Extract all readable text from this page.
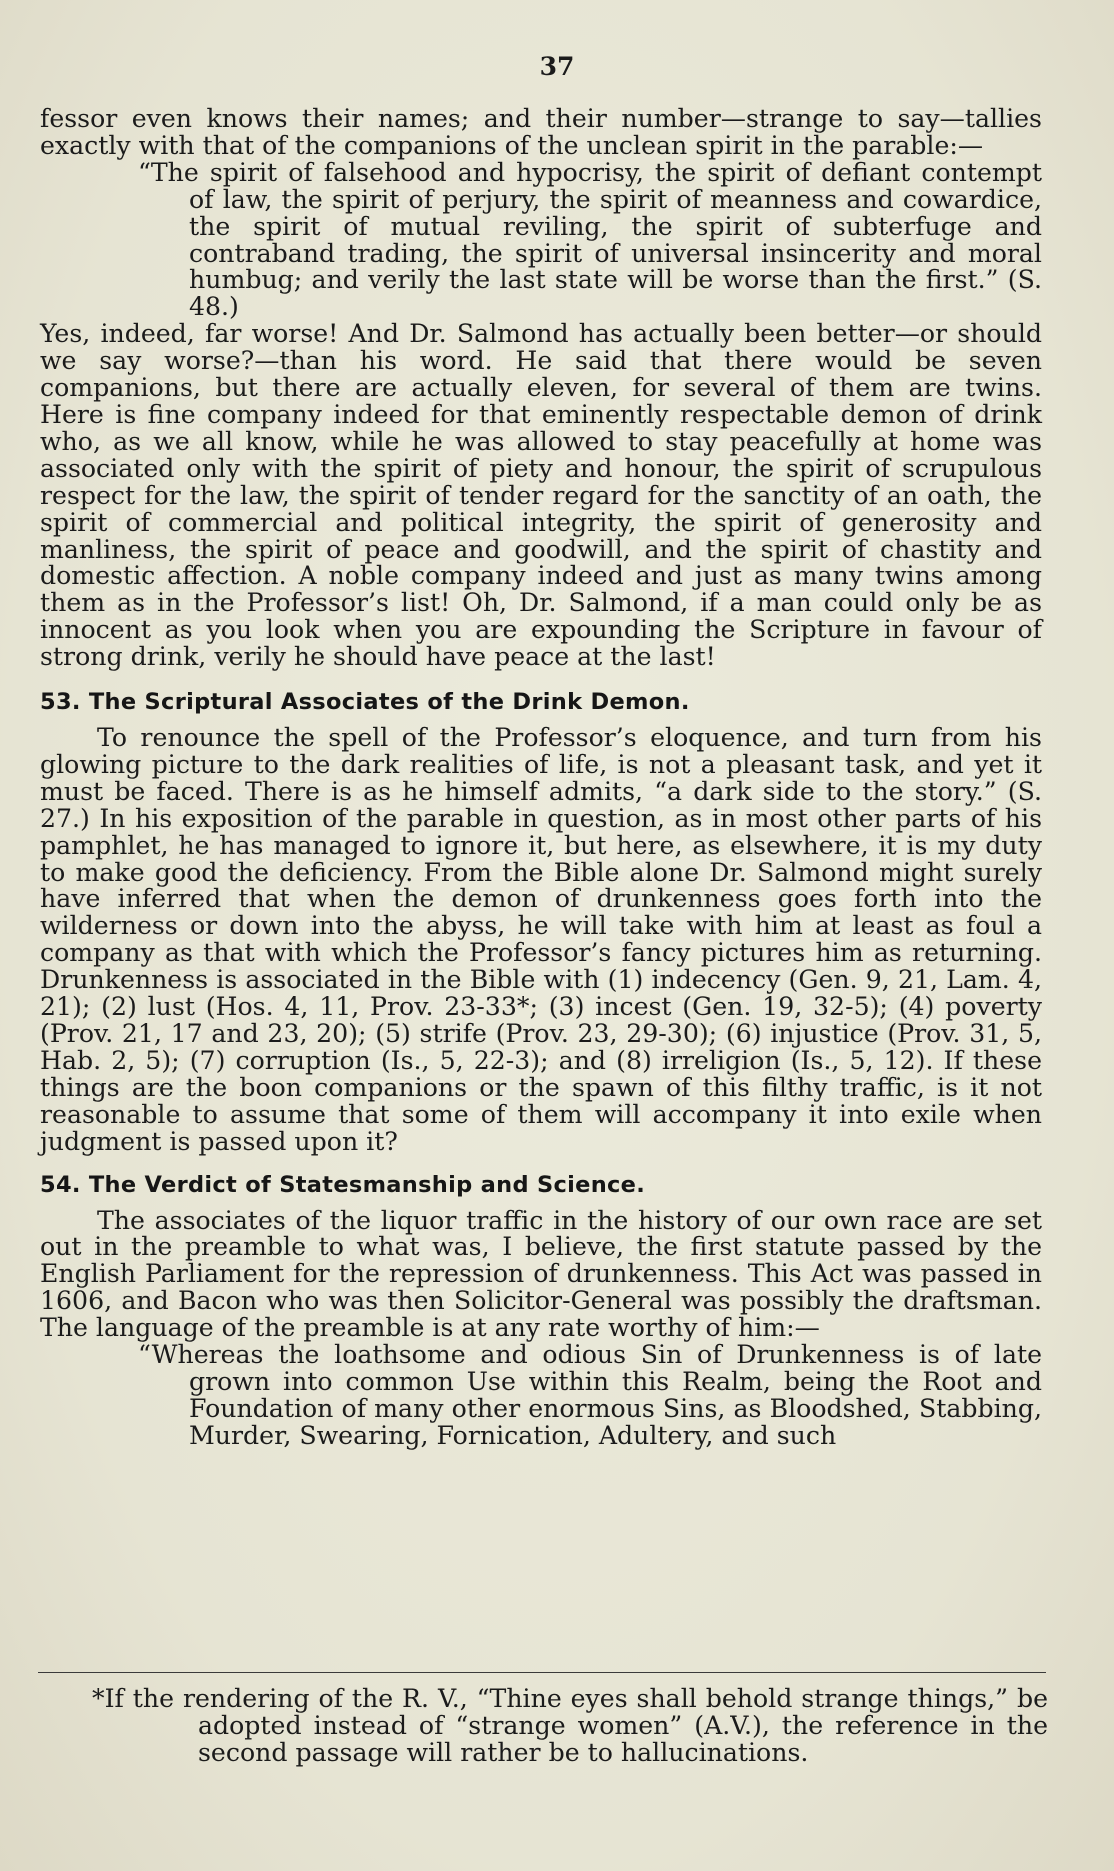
37

fessor even knows their names; and their number—strange to say—tallies exactly with that of the companions of the unclean spirit in the parable:—

“The spirit of falsehood and hypocrisy, the spirit of defiant contempt of law, the spirit of perjury, the spirit of meanness and cowardice, the spirit of mutual reviling, the spirit of subterfuge and contraband trading, the spirit of universal insincerity and moral humbug; and verily the last state will be worse than the first.” (S. 48.)

Yes, indeed, far worse! And Dr. Salmond has actually been better—or should we say worse?—than his word. He said that there would be seven companions, but there are actually eleven, for several of them are twins. Here is fine company indeed for that eminently respectable demon of drink who, as we all know, while he was allowed to stay peacefully at home was associated only with the spirit of piety and honour, the spirit of scrupulous respect for the law, the spirit of tender regard for the sanctity of an oath, the spirit of commercial and political integrity, the spirit of generosity and manliness, the spirit of peace and goodwill, and the spirit of chastity and domestic affection. A noble company indeed and just as many twins among them as in the Professor’s list! Oh, Dr. Salmond, if a man could only be as innocent as you look when you are expounding the Scripture in favour of strong drink, verily he should have peace at the last!

53. The Scriptural Associates of the Drink Demon.

To renounce the spell of the Professor’s eloquence, and turn from his glowing picture to the dark realities of life, is not a pleasant task, and yet it must be faced. There is as he himself admits, “a dark side to the story.” (S. 27.) In his exposition of the parable in question, as in most other parts of his pamphlet, he has managed to ignore it, but here, as elsewhere, it is my duty to make good the deficiency. From the Bible alone Dr. Salmond might surely have inferred that when the demon of drunkenness goes forth into the wilderness or down into the abyss, he will take with him at least as foul a company as that with which the Professor’s fancy pictures him as returning. Drunkenness is associated in the Bible with (1) indecency (Gen. 9, 21, Lam. 4, 21); (2) lust (Hos. 4, 11, Prov. 23-33*; (3) incest (Gen. 19, 32-5); (4) poverty (Prov. 21, 17 and 23, 20); (5) strife (Prov. 23, 29-30); (6) injustice (Prov. 31, 5, Hab. 2, 5); (7) corruption (Is., 5, 22-3); and (8) irreligion (Is., 5, 12). If these things are the boon companions or the spawn of this filthy traffic, is it not reasonable to assume that some of them will accompany it into exile when judgment is passed upon it?

54. The Verdict of Statesmanship and Science.

The associates of the liquor traffic in the history of our own race are set out in the preamble to what was, I believe, the first statute passed by the English Parliament for the repression of drunkenness. This Act was passed in 1606, and Bacon who was then Solicitor-General was possibly the draftsman. The language of the preamble is at any rate worthy of him:—

“Whereas the loathsome and odious Sin of Drunkenness is of late grown into common Use within this Realm, being the Root and Foundation of many other enormous Sins, as Bloodshed, Stabbing, Murder, Swearing, Fornication, Adultery, and such

*If the rendering of the R. V., “Thine eyes shall behold strange things,” be adopted instead of “strange women” (A.V.), the reference in the second passage will rather be to hallucinations.
